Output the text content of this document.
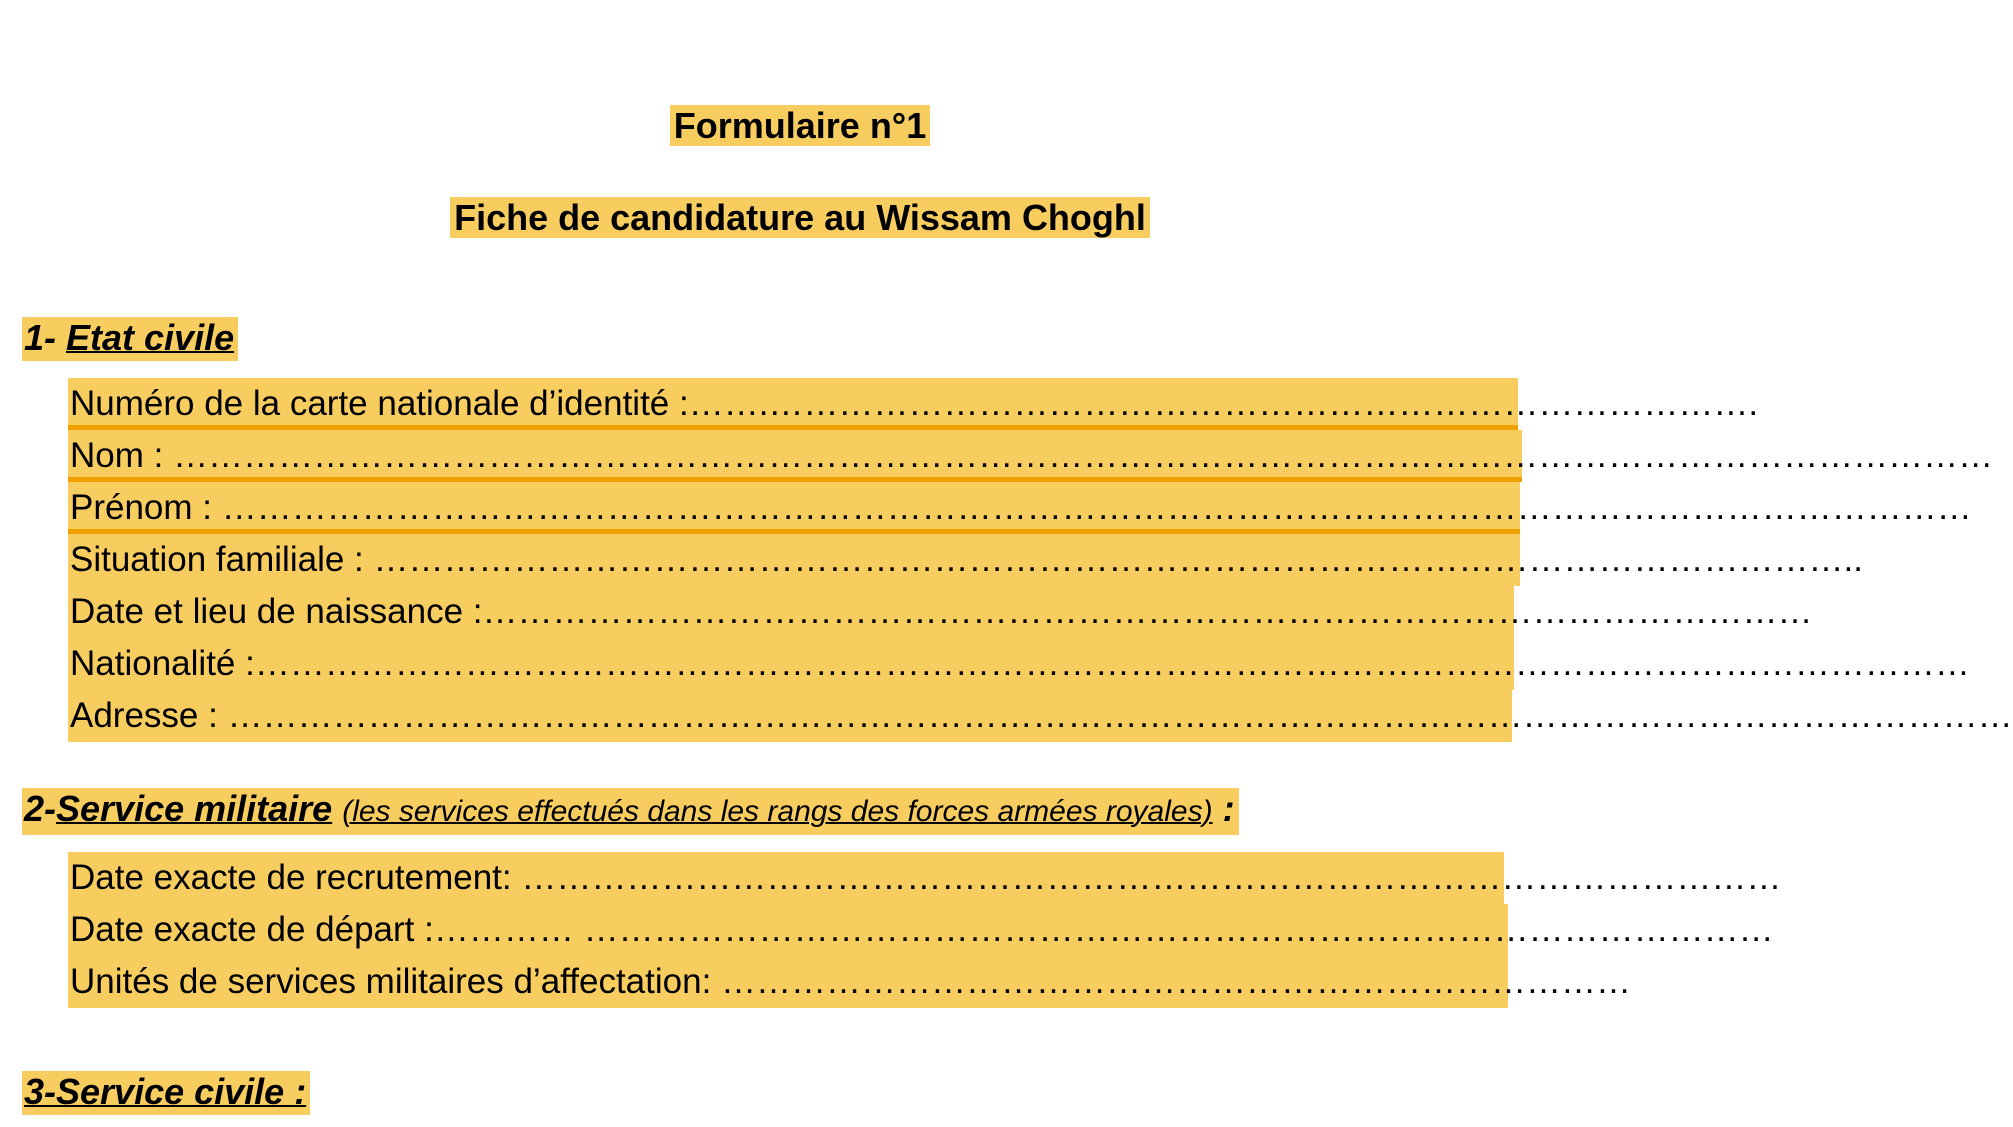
Formulaire n°1
Fiche de candidature au Wissam Choghl
1- Etat civile
Numéro de la carte nationale d’identité :…….………………………………………………………………………….
Nom : …………………………………………………………………………………………………………………………………………
Prénom : ……………………………………………………………………………………………………………………………………
Situation familiale : ………………………………………………………………………………………………………………..
Date et lieu de naissance :……………………………………………………………………………………………………
Nationalité :…………………………………………………………………………………………………………………………………
Adresse : ………………………………………………………………………………………………………………………………………
2-Service militaire (les services effectués dans les rangs des forces armées royales) :
Date exacte de recrutement: ………………………………………………………………………………………………
Date exacte de départ :………… …………………………………………………………………………………………
Unités de services militaires d’affectation: ……………………………………………………………………
3-Service civile :
